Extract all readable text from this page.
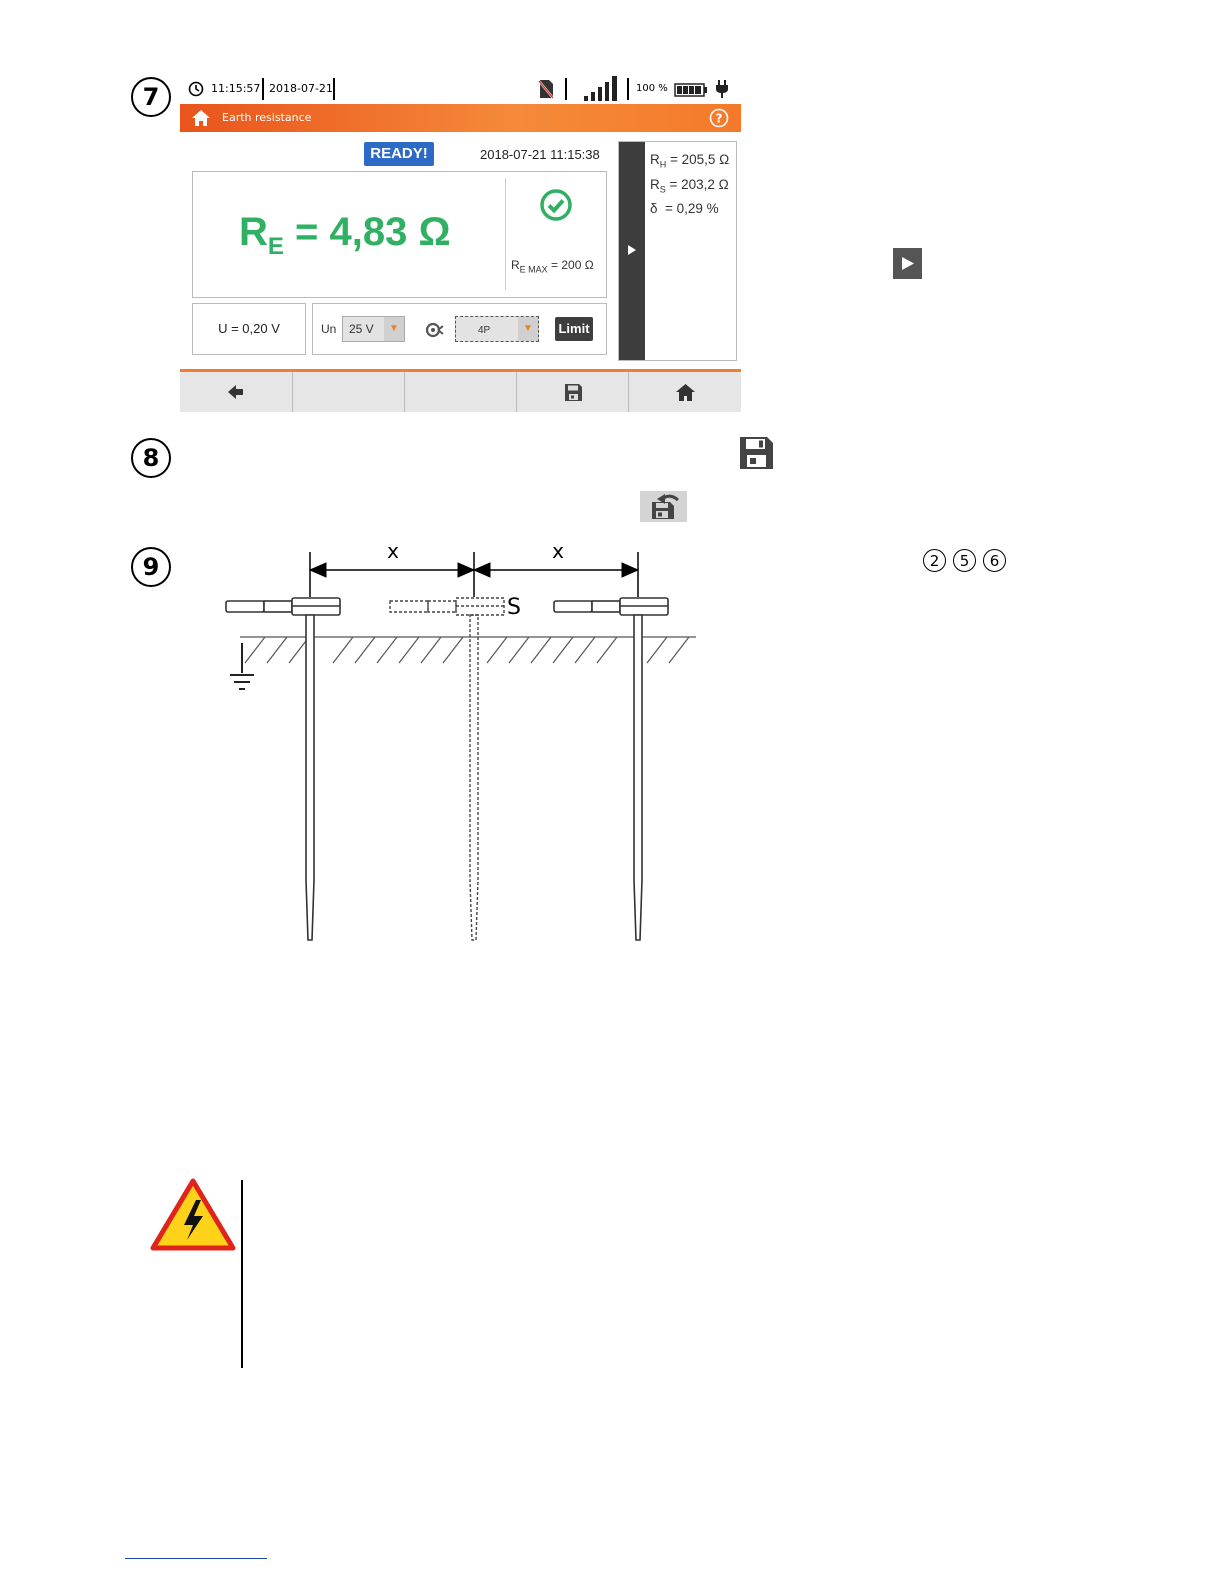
7	11:15:57 2018-07-21	100 %
Earth resistance	?
READY!	2018-07-21 11:15:38
$R_E = 4,83$ Ω
$R_{E MAX} = 200$ Ω
U = 0,20 V	Un	25 V	▼	4P	▼	Limit
$R_H = 205,5$ Ω
$R_S = 203,2$ Ω
δ  = 0,29 %
8
9	2	5	6
x	x
S
